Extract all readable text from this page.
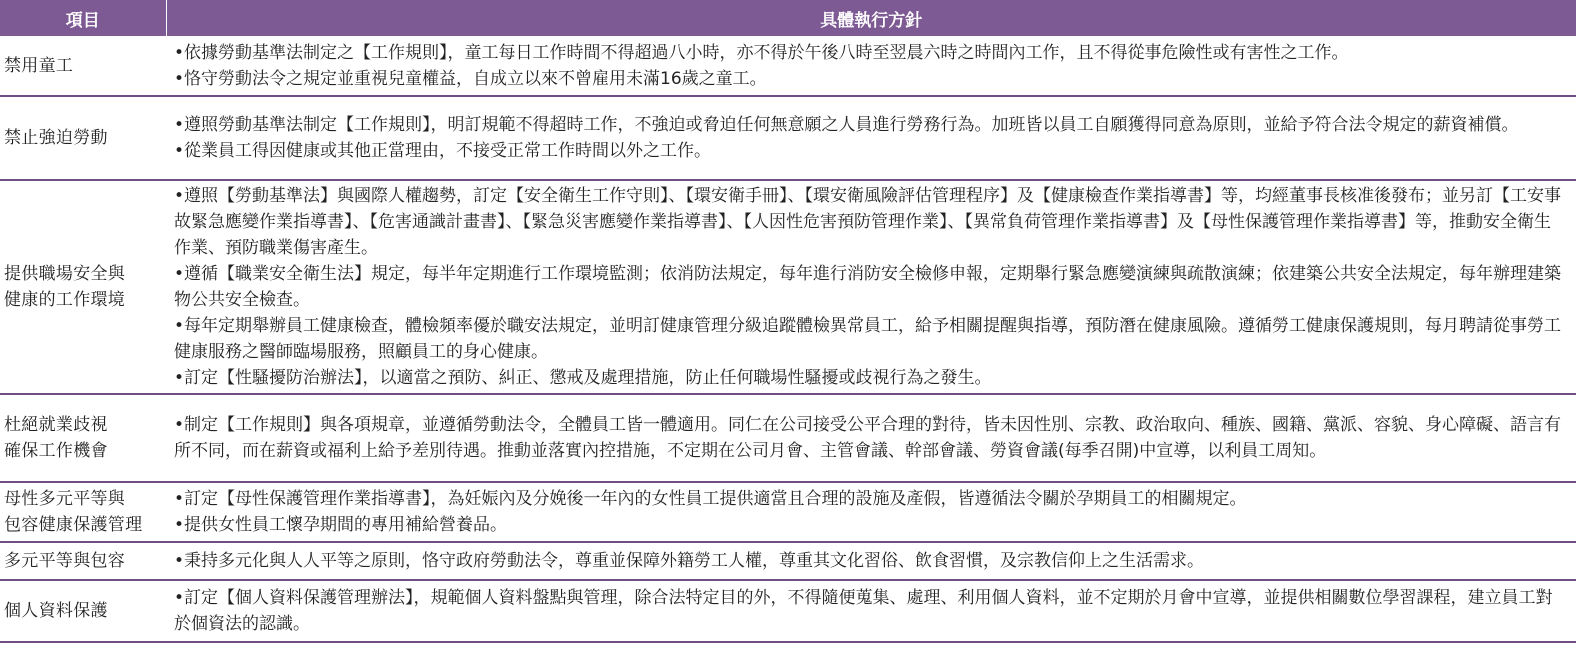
項目	具體執行方針

禁用童工	•依據勞動基準法制定之【工作規則】，童工每日工作時間不得超過八小時，亦不得於午後八時至翌晨六時之時間內工作，且不得從事危險性或有害性之工作。
•恪守勞動法令之規定並重視兒童權益，自成立以來不曾雇用未滿16歲之童工。

禁止強迫勞動	•遵照勞動基準法制定【工作規則】，明訂規範不得超時工作，不強迫或脅迫任何無意願之人員進行勞務行為。加班皆以員工自願獲得同意為原則，並給予符合法令規定的薪資補償。
•從業員工得因健康或其他正當理由，不接受正常工作時間以外之工作。

提供職場安全與
健康的工作環境	•遵照【勞動基準法】與國際人權趨勢，訂定【安全衛生工作守則】、【環安衛手冊】、【環安衛風險評估管理程序】及【健康檢查作業指導書】等，均經董事長核准後發布；並另訂【工安事故緊急應變作業指導書】、【危害通識計畫書】、【緊急災害應變作業指導書】、【人因性危害預防管理作業】、【異常負荷管理作業指導書】及【母性保護管理作業指導書】等，推動安全衛生作業、預防職業傷害產生。
•遵循【職業安全衛生法】規定，每半年定期進行工作環境監測；依消防法規定，每年進行消防安全檢修申報，定期舉行緊急應變演練與疏散演練；依建築公共安全法規定，每年辦理建築物公共安全檢查。
•每年定期舉辦員工健康檢查，體檢頻率優於職安法規定，並明訂健康管理分級追蹤體檢異常員工，給予相關提醒與指導，預防潛在健康風險。遵循勞工健康保護規則，每月聘請從事勞工健康服務之醫師臨場服務，照顧員工的身心健康。
•訂定【性騷擾防治辦法】，以適當之預防、糾正、懲戒及處理措施，防止任何職場性騷擾或歧視行為之發生。

杜絕就業歧視
確保工作機會	•制定【工作規則】與各項規章，並遵循勞動法令，全體員工皆一體適用。同仁在公司接受公平合理的對待，皆未因性別、宗教、政治取向、種族、國籍、黨派、容貌、身心障礙、語言有所不同，而在薪資或福利上給予差別待遇。推動並落實內控措施，不定期在公司月會、主管會議、幹部會議、勞資會議(每季召開)中宣導，以利員工周知。

母性多元平等與
包容健康保護管理	•訂定【母性保護管理作業指導書】，為妊娠內及分娩後一年內的女性員工提供適當且合理的設施及產假，皆遵循法令關於孕期員工的相關規定。
•提供女性員工懷孕期間的專用補給營養品。

多元平等與包容	•秉持多元化與人人平等之原則，恪守政府勞動法令，尊重並保障外籍勞工人權，尊重其文化習俗、飲食習慣，及宗教信仰上之生活需求。

個人資料保護	•訂定【個人資料保護管理辦法】，規範個人資料盤點與管理，除合法特定目的外，不得隨便蒐集、處理、利用個人資料，並不定期於月會中宣導，並提供相關數位學習課程，建立員工對於個資法的認識。
